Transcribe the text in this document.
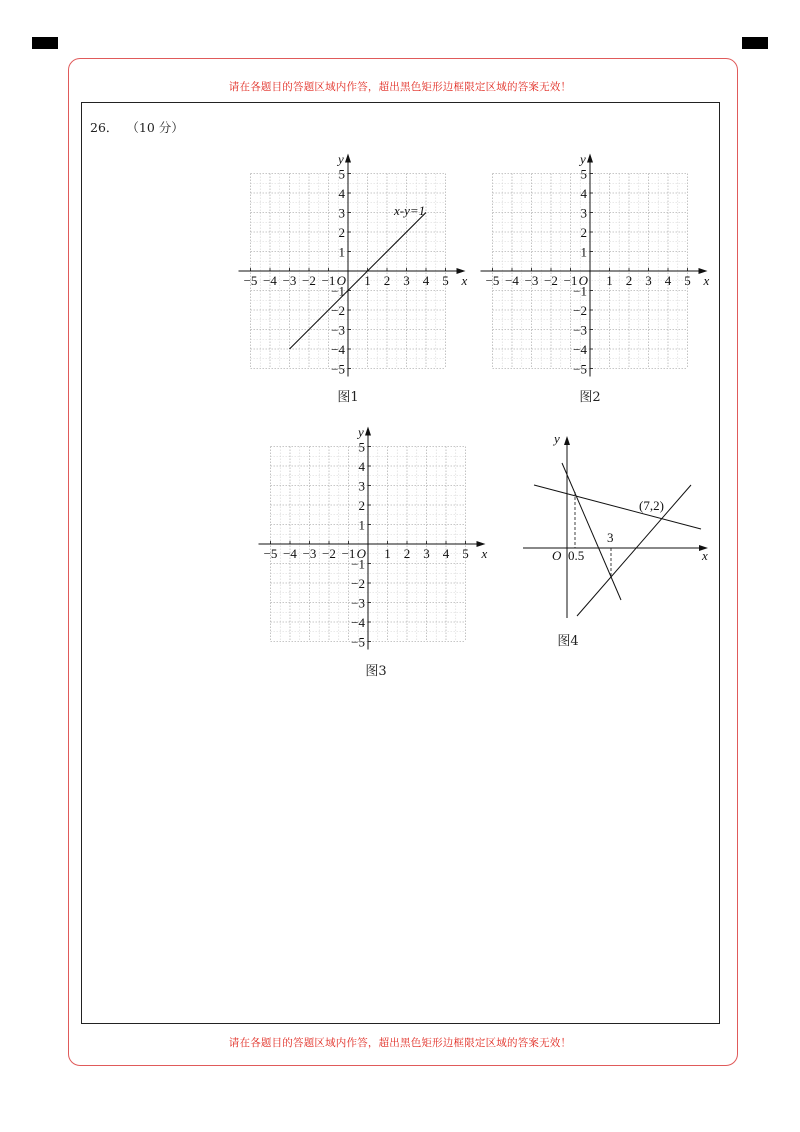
请在各题目的答题区域内作答，超出黑色矩形边框限定区域的答案无效！
请在各题目的答题区域内作答，超出黑色矩形边框限定区域的答案无效！
26． （10 分）
−5 −4 −3 −2 −1 1 2 3 4 5
5
4
3
2
1
−1
−2
−3
−4
−5
O	x
y
x-y=1
图1
−5 −4 −3 −2 −1 1 2 3 4 5
5
4
3
2
1
−1
−2
−3
−4
−5
O	x
y
图2
−5 −4 −3 −2 −1 1 2 3 4 5
5
4
3
2
1
−1
−2
−3
−4
−5
O	x
y
图3
y
x
O 0.5
3
(7,2)
图4
